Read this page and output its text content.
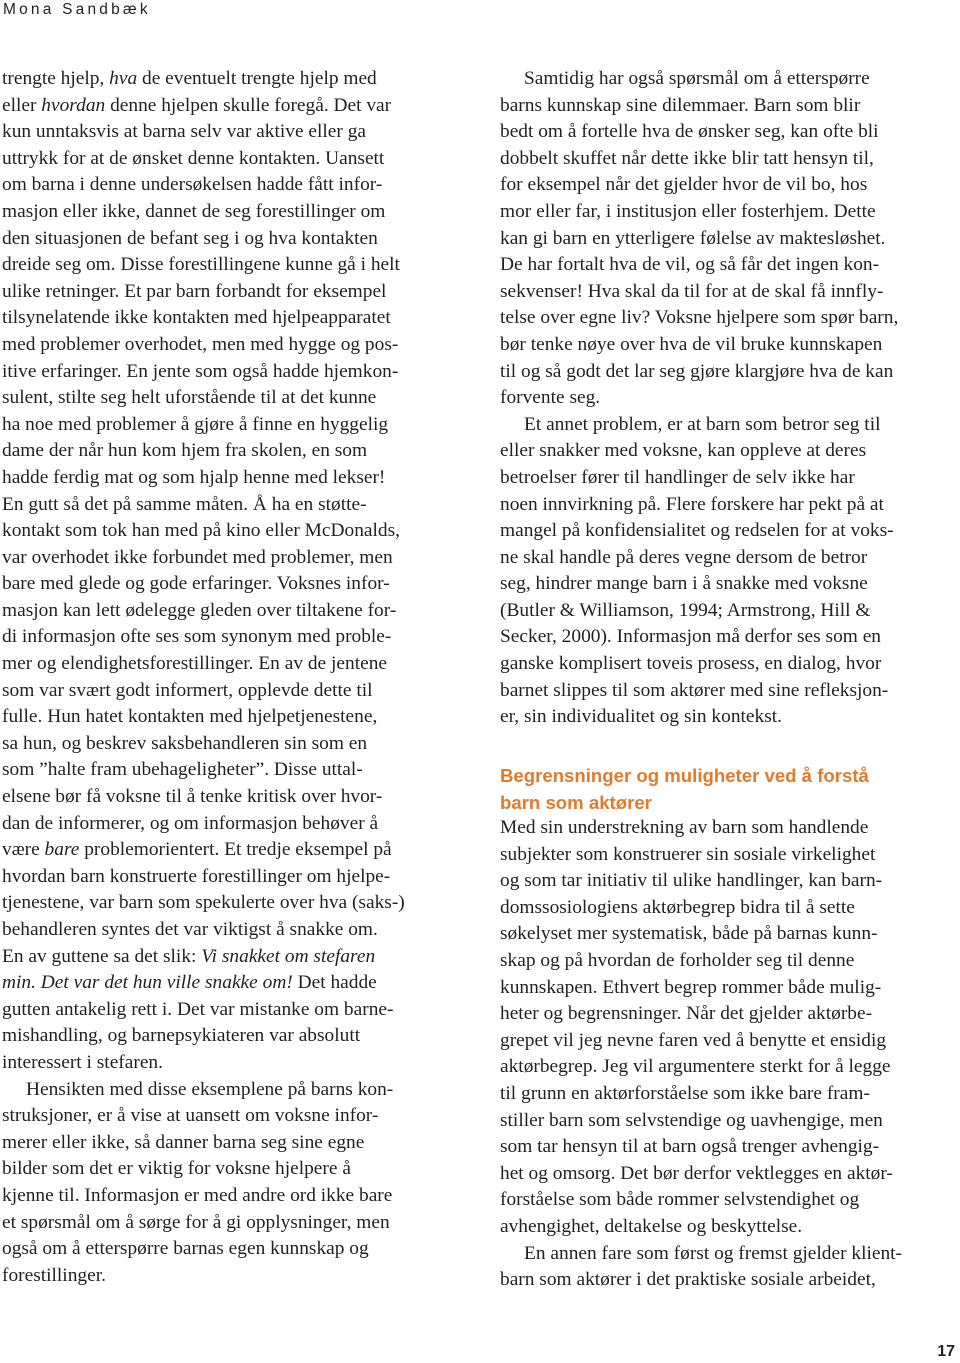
Mona Sandbæk
trengte hjelp, hva de eventuelt trengte hjelp med
eller hvordan denne hjelpen skulle foregå. Det var
kun unntaksvis at barna selv var aktive eller ga
uttrykk for at de ønsket denne kontakten. Uansett
om barna i denne undersøkelsen hadde fått infor-
masjon eller ikke, dannet de seg forestillinger om
den situasjonen de befant seg i og hva kontakten
dreide seg om. Disse forestillingene kunne gå i helt
ulike retninger. Et par barn forbandt for eksempel
tilsynelatende ikke kontakten med hjelpeapparatet
med problemer overhodet, men med hygge og pos-
itive erfaringer. En jente som også hadde hjemkon-
sulent, stilte seg helt uforstående til at det kunne
ha noe med problemer å gjøre å finne en hyggelig
dame der når hun kom hjem fra skolen, en som
hadde ferdig mat og som hjalp henne med lekser!
En gutt så det på samme måten. Å ha en støtte-
kontakt som tok han med på kino eller McDonalds,
var overhodet ikke forbundet med problemer, men
bare med glede og gode erfaringer. Voksnes infor-
masjon kan lett ødelegge gleden over tiltakene for-
di informasjon ofte ses som synonym med proble-
mer og elendighetsforestillinger. En av de jentene
som var svært godt informert, opplevde dette til
fulle. Hun hatet kontakten med hjelpetjenestene,
sa hun, og beskrev saksbehandleren sin som en
som ”halte fram ubehageligheter”. Disse uttal-
elsene bør få voksne til å tenke kritisk over hvor-
dan de informerer, og om informasjon behøver å
være bare problemorientert. Et tredje eksempel på
hvordan barn konstruerte forestillinger om hjelpe-
tjenestene, var barn som spekulerte over hva (saks-)
behandleren syntes det var viktigst å snakke om.
En av guttene sa det slik: Vi snakket om stefaren
min. Det var det hun ville snakke om! Det hadde
gutten antakelig rett i. Det var mistanke om barne-
mishandling, og barnepsykiateren var absolutt
interessert i stefaren.
Hensikten med disse eksemplene på barns kon-
struksjoner, er å vise at uansett om voksne infor-
merer eller ikke, så danner barna seg sine egne
bilder som det er viktig for voksne hjelpere å
kjenne til. Informasjon er med andre ord ikke bare
et spørsmål om å sørge for å gi opplysninger, men
også om å etterspørre barnas egen kunnskap og
forestillinger.
Samtidig har også spørsmål om å etterspørre
barns kunnskap sine dilemmaer. Barn som blir
bedt om å fortelle hva de ønsker seg, kan ofte bli
dobbelt skuffet når dette ikke blir tatt hensyn til,
for eksempel når det gjelder hvor de vil bo, hos
mor eller far, i institusjon eller fosterhjem. Dette
kan gi barn en ytterligere følelse av maktesløshet.
De har fortalt hva de vil, og så får det ingen kon-
sekvenser! Hva skal da til for at de skal få innfly-
telse over egne liv? Voksne hjelpere som spør barn,
bør tenke nøye over hva de vil bruke kunnskapen
til og så godt det lar seg gjøre klargjøre hva de kan
forvente seg.
Et annet problem, er at barn som betror seg til
eller snakker med voksne, kan oppleve at deres
betroelser fører til handlinger de selv ikke har
noen innvirkning på. Flere forskere har pekt på at
mangel på konfidensialitet og redselen for at voks-
ne skal handle på deres vegne dersom de betror
seg, hindrer mange barn i å snakke med voksne
(Butler & Williamson, 1994; Armstrong, Hill &
Secker, 2000). Informasjon må derfor ses som en
ganske komplisert toveis prosess, en dialog, hvor
barnet slippes til som aktører med sine refleksjon-
er, sin individualitet og sin kontekst.
Begrensninger og muligheter ved å forstå
barn som aktører
Med sin understrekning av barn som handlende
subjekter som konstruerer sin sosiale virkelighet
og som tar initiativ til ulike handlinger, kan barn-
domssosiologiens aktørbegrep bidra til å sette
søkelyset mer systematisk, både på barnas kunn-
skap og på hvordan de forholder seg til denne
kunnskapen. Ethvert begrep rommer både mulig-
heter og begrensninger. Når det gjelder aktørbe-
grepet vil jeg nevne faren ved å benytte et ensidig
aktørbegrep. Jeg vil argumentere sterkt for å legge
til grunn en aktørforståelse som ikke bare fram-
stiller barn som selvstendige og uavhengige, men
som tar hensyn til at barn også trenger avhengig-
het og omsorg. Det bør derfor vektlegges en aktør-
forståelse som både rommer selvstendighet og
avhengighet, deltakelse og beskyttelse.
En annen fare som først og fremst gjelder klient-
barn som aktører i det praktiske sosiale arbeidet,
17
